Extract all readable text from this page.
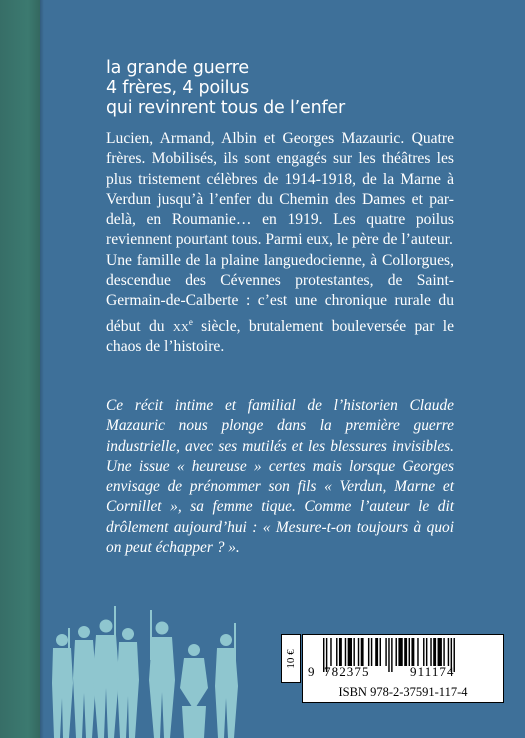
la grande guerre
4 frères, 4 poilus
qui revinrent tous de l’enfer

Lucien, Armand, Albin et Georges Mazauric. Quatre frères. Mobilisés, ils sont engagés sur les théâtres les plus tristement célèbres de 1914-1918, de la Marne à Verdun jusqu’à l’enfer du Chemin des Dames et par-delà, en Roumanie… en 1919. Les quatre poilus reviennent pourtant tous. Parmi eux, le père de l’auteur.

Une famille de la plaine languedocienne, à Collorgues, descendue des Cévennes protestantes, de Saint-Germain-de-Calberte : c’est une chronique rurale du début du $xx^e$ siècle, brutalement bouleversée par le chaos de l’histoire.

Ce récit intime et familial de l’historien Claude Mazauric nous plonge dans la première guerre industrielle, avec ses mutilés et les blessures invisibles. Une issue « heureuse » certes mais lorsque Georges envisage de prénommer son fils « Verdun, Marne et Cornillet », sa femme tique. Comme l’auteur le dit drôlement aujourd’hui : « Mesure-t-on toujours à quoi on peut échapper ? ».
10 €
9 782375	911174
ISBN 978-2-37591-117-4
